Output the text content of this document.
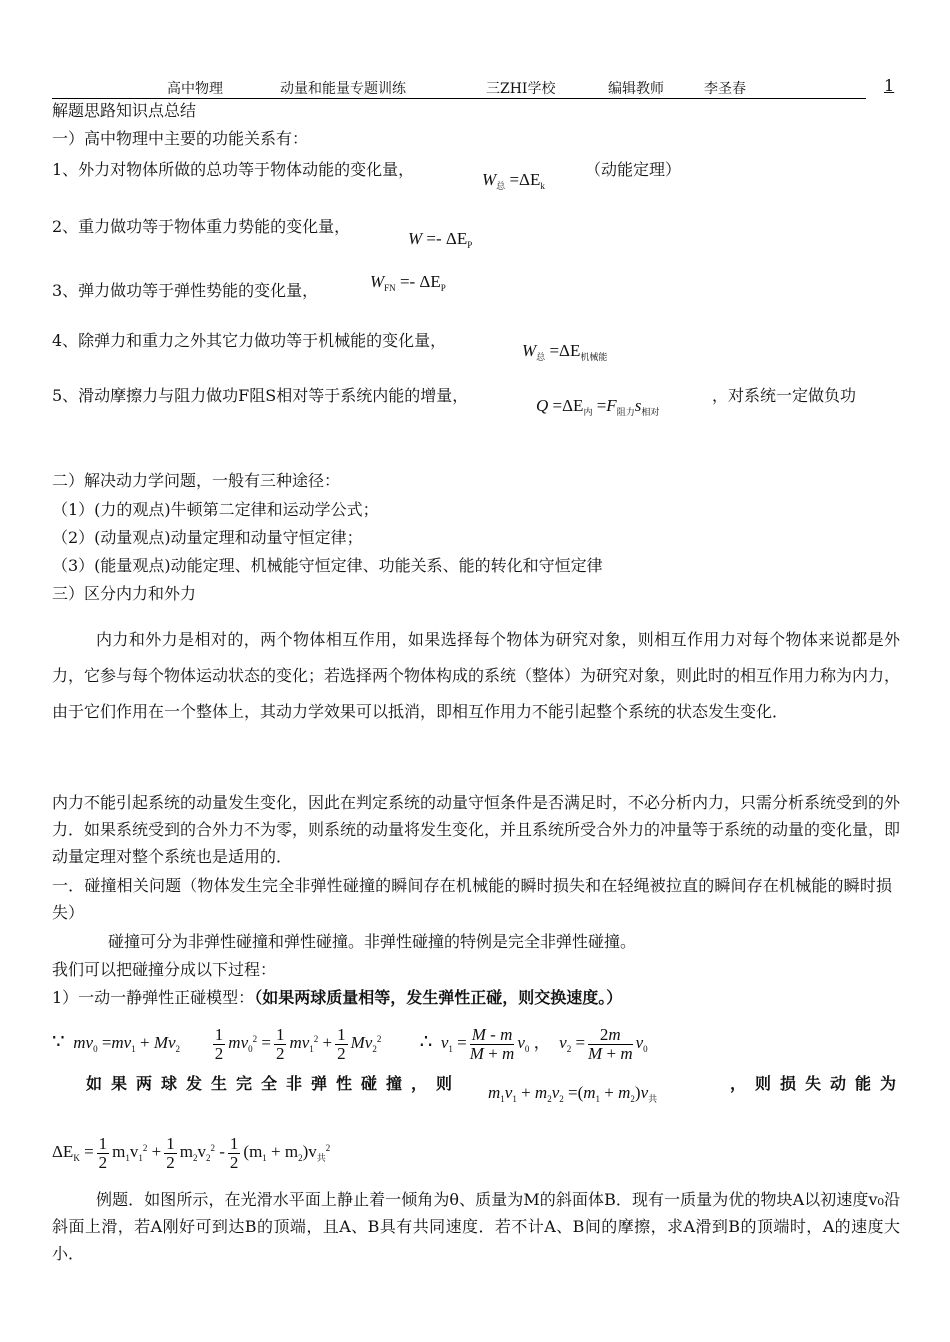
高中物理	动量和能量专题训练	三ZHI学校	编辑教师	李圣春	1
解题思路知识点总结
一）高中物理中主要的功能关系有：
1、外力对物体所做的总功等于物体动能的变化量，
$W_总 =\Delta E_k$
（动能定理）
2、重力做功等于物体重力势能的变化量，
$W =- \Delta E_P$
3、弹力做功等于弹性势能的变化量，	$W_{FN} =- \Delta E_P$
4、除弹力和重力之外其它力做功等于机械能的变化量，
$W_总 =\Delta E_{机械能}$
5、滑动摩擦力与阻力做功F阻S相对等于系统内能的增量，
$Q =\Delta E_内 =F_{阻力}s_{相对}$
，对系统一定做负功
二）解决动力学问题，一般有三种途径：
（1）(力的观点)牛顿第二定律和运动学公式；
（2）(动量观点)动量定理和动量守恒定律；
（3）(能量观点)动能定理、机械能守恒定律、功能关系、能的转化和守恒定律
三）区分内力和外力
内力和外力是相对的，两个物体相互作用，如果选择每个物体为研究对象，则相互作用力对每个物体来说都是外力，它参与每个物体运动状态的变化；若选择两个物体构成的系统（整体）为研究对象，则此时的相互作用力称为内力，由于它们作用在一个整体上，其动力学效果可以抵消，即相互作用力不能引起整个系统的状态发生变化．
内力不能引起系统的动量发生变化，因此在判定系统的动量守恒条件是否满足时，不必分析内力，只需分析系统受到的外力．如果系统受到的合外力不为零，则系统的动量将发生变化，并且系统所受合外力的冲量等于系统的动量的变化量，即动量定理对整个系统也是适用的．
一．碰撞相关问题（物体发生完全非弹性碰撞的瞬间存在机械能的瞬时损失和在轻绳被拉直的瞬间存在机械能的瞬时损失）
碰撞可分为非弹性碰撞和弹性碰撞。非弹性碰撞的特例是完全非弹性碰撞。
我们可以把碰撞分成以下过程：
1）一动一静弹性正碰模型：（如果两球质量相等，发生弹性正碰，则交换速度。）
∵  $mv_0 =mv_1 + Mv_2 \frac{1}{2} mv_0^2 = \frac{1}{2} mv_1^2 + \frac{1}{2} Mv_2^2$ ∴  $v_1 = \frac{M - m}{M + m} v_0$ ，  $v_2 = \frac{2m}{M + m} v_0$
如果两球发生完全非弹性碰撞，则 $m_1v_1 + m_2v_2 =(m_1 + m_2)v_共$
，则损失动能为
$\Delta E_K = \frac{1}{2} m_1v_1^2 + \frac{1}{2} m_2v_2^2 - \frac{1}{2} (m_1 + m_2)v_共^2$
例题．如图所示，在光滑水平面上静止着一倾角为θ、质量为M的斜面体B．现有一质量为优的物块A以初速度v₀沿斜面上滑，若A刚好可到达B的顶端，且A、B具有共同速度．若不计A、B间的摩擦，求A滑到B的顶端时，A的速度大小．
